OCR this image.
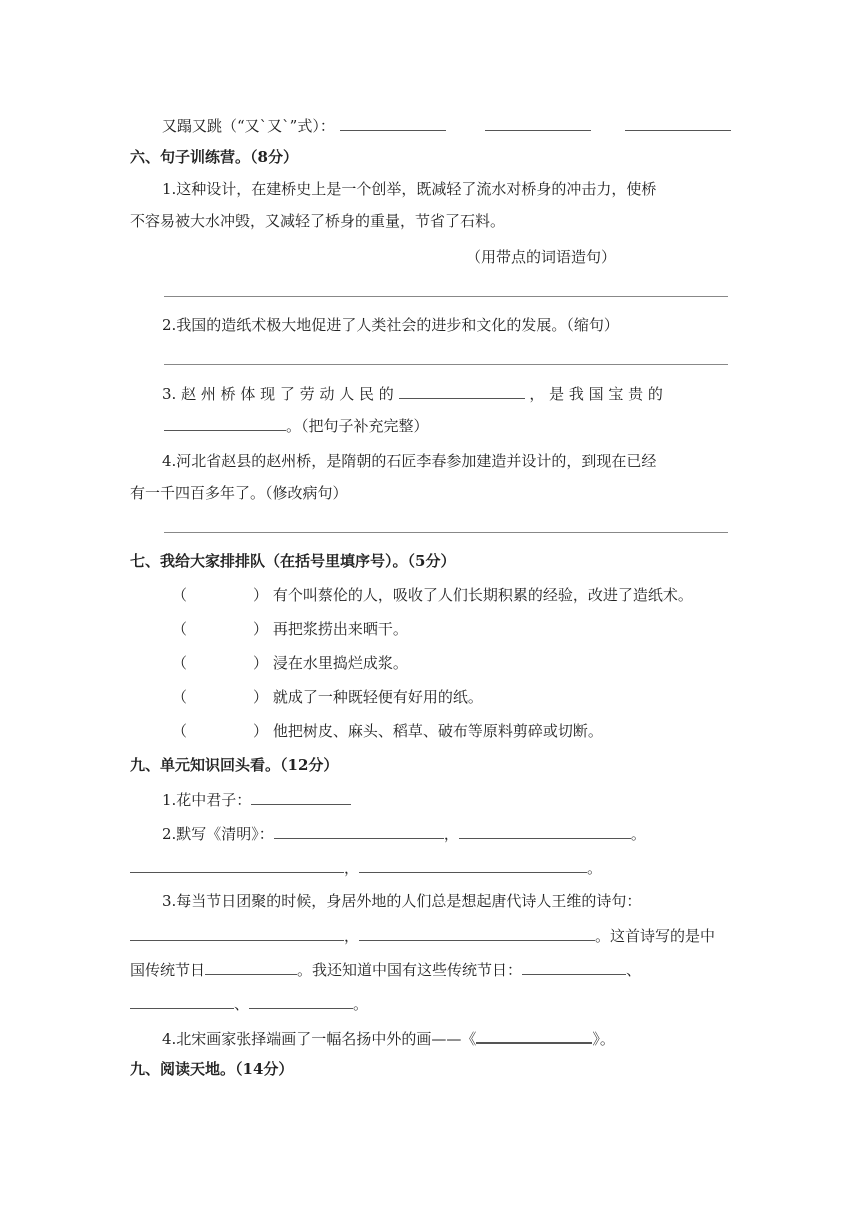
又蹋又跳（“又`又`”式）：
六、句子训练营。（8分）
1.这种设计，在建桥史上是一个创举，既减轻了流水对桥身的冲击力，使桥
不容易被大水冲毁，又减轻了桥身的重量，节省了石料。
（用带点的词语造句）
2.我国的造纸术极大地促进了人类社会的进步和文化的发展。（缩句）
3. 赵 州 桥 体 现 了 劳 动 人 民 的	， 是 我 国 宝 贵 的
。（把句子补充完整）
4.河北省赵县的赵州桥，是隋朝的石匠李春参加建造并设计的，到现在已经
有一千四百多年了。（修改病句）
七、我给大家排排队（在括号里填序号）。（5分）
（	） 有个叫蔡伦的人，吸收了人们长期积累的经验，改进了造纸术。
（	） 再把浆捞出来晒干。
（	） 浸在水里捣烂成浆。
（	） 就成了一种既轻便有好用的纸。
（	） 他把树皮、麻头、稻草、破布等原料剪碎或切断。
九、单元知识回头看。（12分）
1.花中君子：
2.默写《清明》：	，	。
，	。
3.每当节日团聚的时候，身居外地的人们总是想起唐代诗人王维的诗句：
，	。这首诗写的是中
国传统节日	。我还知道中国有这些传统节日：	、
、	。
4.北宋画家张择端画了一幅名扬中外的画——《	》。
九、阅读天地。（14分）
